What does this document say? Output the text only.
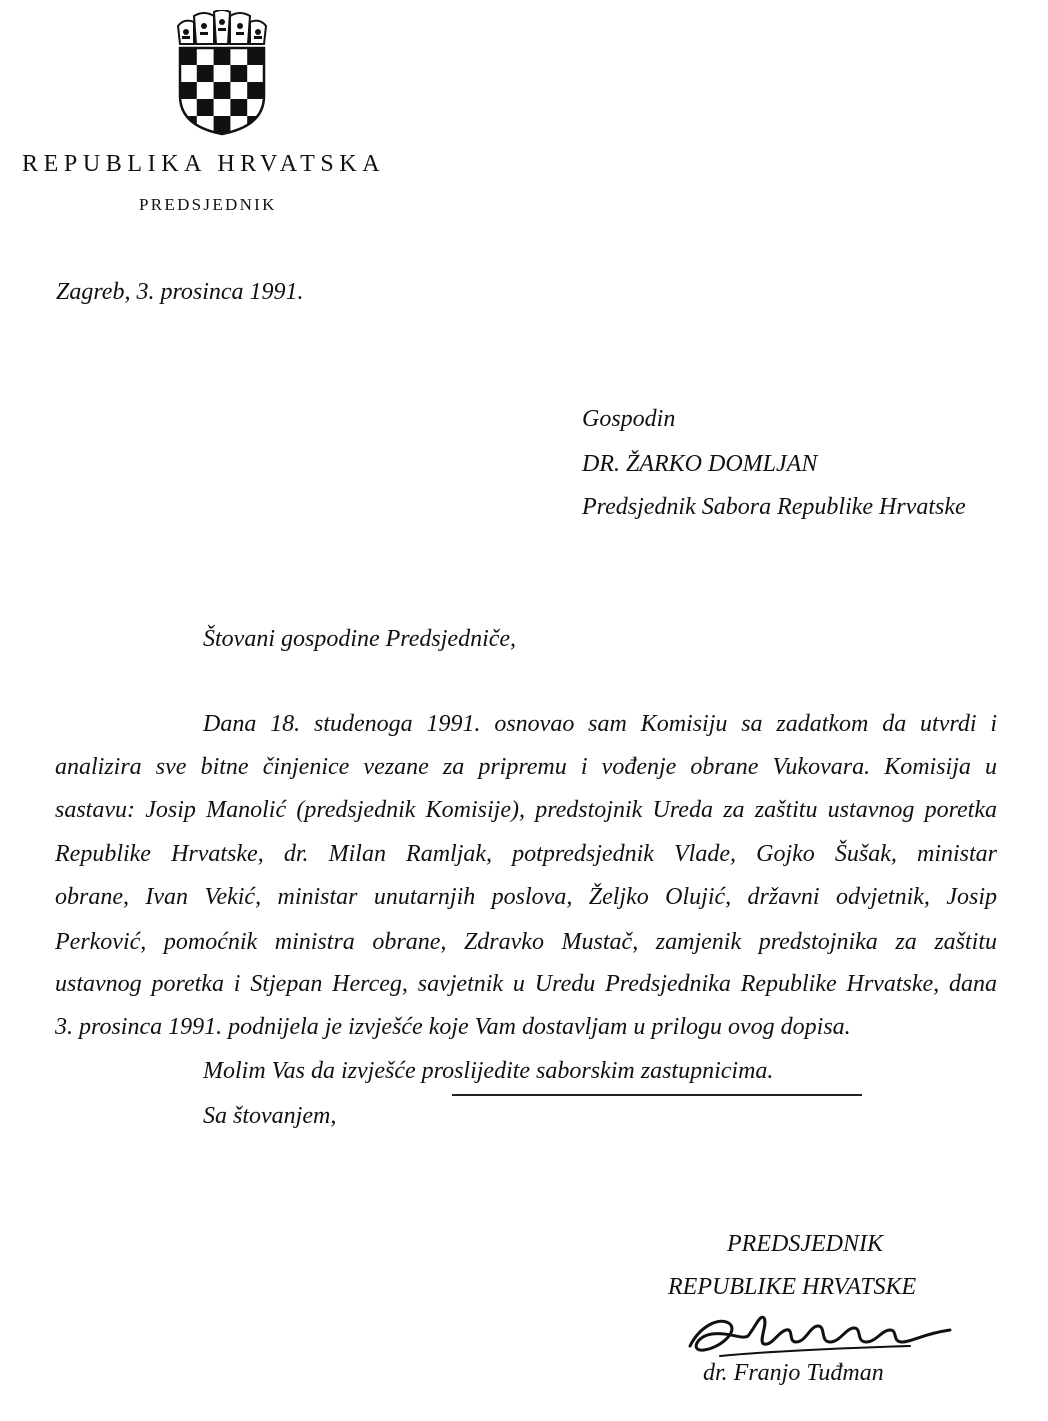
REPUBLIKA HRVATSKA
PREDSJEDNIK
Zagreb, 3. prosinca 1991.
Gospodin
DR. ŽARKO DOMLJAN
Predsjednik Sabora Republike Hrvatske
Štovani gospodine Predsjedniče,
Dana 18. studenoga 1991. osnovao sam Komisiju sa zadatkom da utvrdi i
analizira sve bitne činjenice vezane za pripremu i vođenje obrane Vukovara. Komisija u
sastavu: Josip Manolić (predsjednik Komisije), predstojnik Ureda za zaštitu ustavnog poretka
Republike Hrvatske, dr. Milan Ramljak, potpredsjednik Vlade, Gojko Šušak, ministar
obrane, Ivan Vekić, ministar unutarnjih poslova, Željko Olujić, državni odvjetnik, Josip
Perković, pomoćnik ministra obrane, Zdravko Mustač, zamjenik predstojnika za zaštitu
ustavnog poretka i Stjepan Herceg, savjetnik u Uredu Predsjednika Republike Hrvatske, dana
3. prosinca 1991. podnijela je izvješće koje Vam dostavljam u prilogu ovog dopisa.
Molim Vas da izvješće proslijedite saborskim zastupnicima.
Sa štovanjem,
PREDSJEDNIK
REPUBLIKE HRVATSKE
dr. Franjo Tuđman
